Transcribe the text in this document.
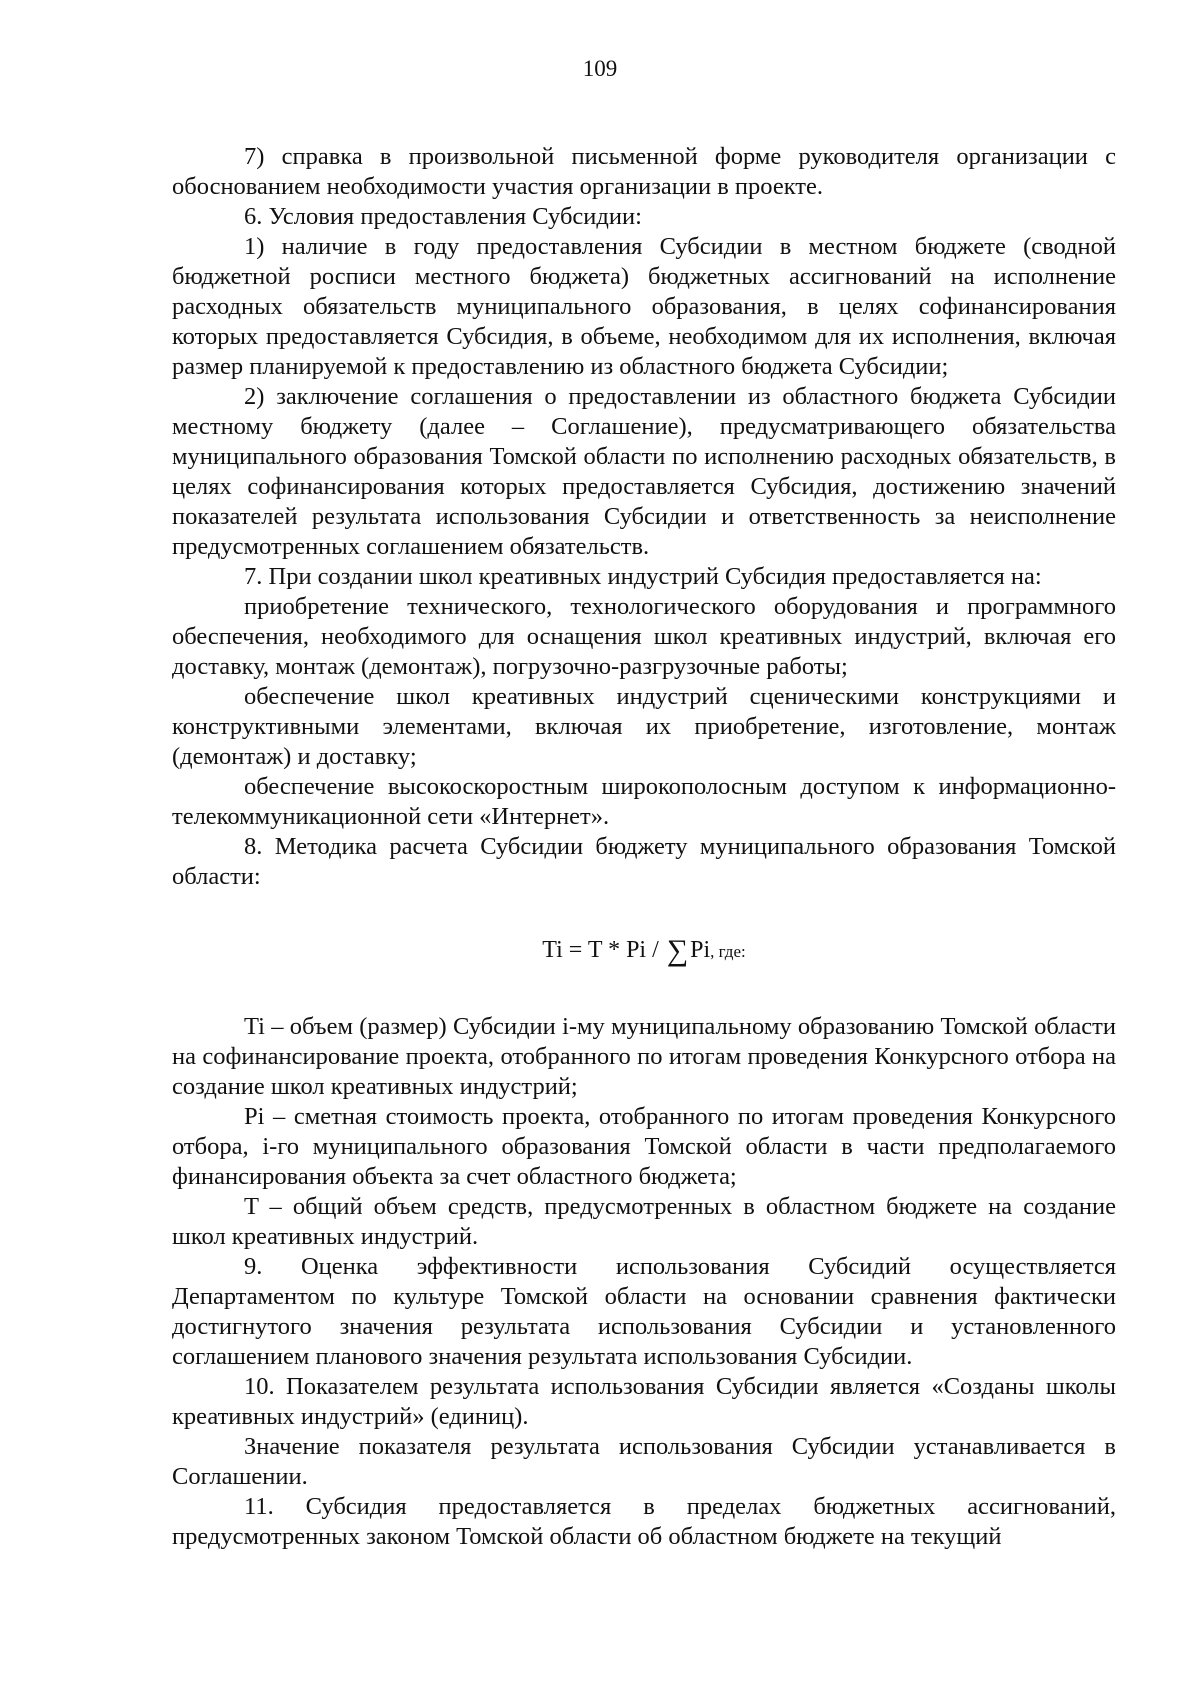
109

7) справка в произвольной письменной форме руководителя организации с обоснованием необходимости участия организации в проекте.

6. Условия предоставления Субсидии:

1) наличие в году предоставления Субсидии в местном бюджете (сводной бюджетной росписи местного бюджета) бюджетных ассигнований на исполнение расходных обязательств муниципального образования, в целях софинансирования которых предоставляется Субсидия, в объеме, необходимом для их исполнения, включая размер планируемой к предоставлению из областного бюджета Субсидии;

2) заключение соглашения о предоставлении из областного бюджета Субсидии местному бюджету (далее – Соглашение), предусматривающего обязательства муниципального образования Томской области по исполнению расходных обязательств, в целях софинансирования которых предоставляется Субсидия, достижению значений показателей результата использования Субсидии и ответственность за неисполнение предусмотренных соглашением обязательств.

7. При создании школ креативных индустрий Субсидия предоставляется на:

приобретение технического, технологического оборудования и программного обеспечения, необходимого для оснащения школ креативных индустрий, включая его доставку, монтаж (демонтаж), погрузочно-разгрузочные работы;

обеспечение школ креативных индустрий сценическими конструкциями и конструктивными элементами, включая их приобретение, изготовление, монтаж (демонтаж) и доставку;

обеспечение высокоскоростным широкополосным доступом к информационно-телекоммуникационной сети «Интернет».

8. Методика расчета Субсидии бюджету муниципального образования Томской области:

Ti = T * Pi / ∑Pi, где:

Ti – объем (размер) Субсидии i-му муниципальному образованию Томской области на софинансирование проекта, отобранного по итогам проведения Конкурсного отбора на создание школ креативных индустрий;

Pi – сметная стоимость проекта, отобранного по итогам проведения Конкурсного отбора, i-го муниципального образования Томской области в части предполагаемого финансирования объекта за счет областного бюджета;

T – общий объем средств, предусмотренных в областном бюджете на создание школ креативных индустрий.

9. Оценка эффективности использования Субсидий осуществляется Департаментом по культуре Томской области на основании сравнения фактически достигнутого значения результата использования Субсидии и установленного соглашением планового значения результата использования Субсидии.

10. Показателем результата использования Субсидии является «Созданы школы креативных индустрий» (единиц).

Значение показателя результата использования Субсидии устанавливается в Соглашении.

11. Субсидия предоставляется в пределах бюджетных ассигнований, предусмотренных законом Томской области об областном бюджете на текущий
